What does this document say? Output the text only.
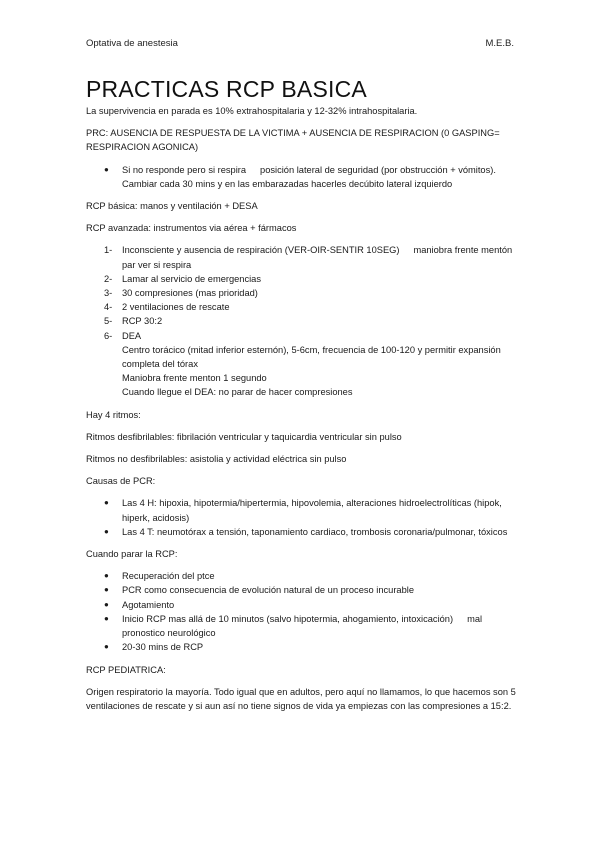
Optativa de anestesia	M.E.B.
PRACTICAS RCP BASICA

La supervivencia en parada es 10% extrahospitalaria y 12-32% intrahospitalaria.

PRC: AUSENCIA DE RESPUESTA DE LA VICTIMA + AUSENCIA DE RESPIRACION (0 GASPING= RESPIRACION AGONICA)

● Si no responde pero si respira posición lateral de seguridad (por obstrucción + vómitos). Cambiar cada 30 mins y en las embarazadas hacerles decúbito lateral izquierdo

RCP básica: manos y ventilación + DESA

RCP avanzada: instrumentos via aérea + fármacos

1- Inconsciente y ausencia de respiración (VER-OIR-SENTIR 10SEG) maniobra frente mentón par ver si respira
2- Lamar al servicio de emergencias
3- 30 compresiones (mas prioridad)
4- 2 ventilaciones de rescate
5- RCP 30:2
6- DEA
Centro torácico (mitad inferior esternón), 5-6cm, frecuencia de 100-120 y permitir expansión completa del tórax
Maniobra frente menton 1 segundo
Cuando llegue el DEA: no parar de hacer compresiones

Hay 4 ritmos:

Ritmos desfibrilables: fibrilación ventricular y taquicardia ventricular sin pulso

Ritmos no desfibrilables: asistolia y actividad eléctrica sin pulso

Causas de PCR:

● Las 4 H: hipoxia, hipotermia/hipertermia, hipovolemia, alteraciones hidroelectrolíticas (hipok, hiperk, acidosis)
● Las 4 T: neumotórax a tensión, taponamiento cardiaco, trombosis coronaria/pulmonar, tóxicos

Cuando parar la RCP:

● Recuperación del ptce
● PCR como consecuencia de evolución natural de un proceso incurable
● Agotamiento
● Inicio RCP mas allá de 10 minutos (salvo hipotermia, ahogamiento, intoxicación) mal pronostico neurológico
● 20-30 mins de RCP

RCP PEDIATRICA:

Origen respiratorio la mayoría. Todo igual que en adultos, pero aquí no llamamos, lo que hacemos son 5 ventilaciones de rescate y si aun así no tiene signos de vida ya empiezas con las compresiones a 15:2.
